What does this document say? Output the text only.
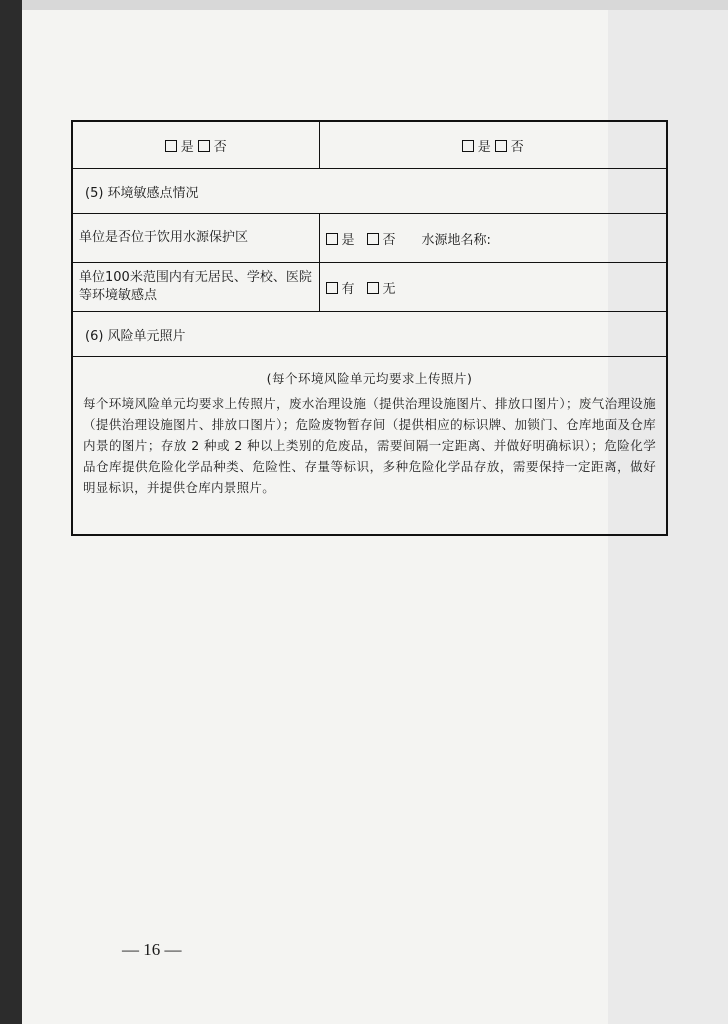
是 否	是 否
(5) 环境敏感点情况	
单位是否位于饮用水源保护区	是 否 水源地名称:
单位100米范围内有无居民、学校、医院等环境敏感点	有 无
(6) 风险单元照片	

(每个环境风险单元均要求上传照片)
每个环境风险单元均要求上传照片，废水治理设施（提供治理设施图片、排放口图片）；废气治理设施（提供治理设施图片、排放口图片）；危险废物暂存间（提供相应的标识牌、加锁门、仓库地面及仓库内景的图片；存放 2 种或 2 种以上类别的危废品，需要间隔一定距离、并做好明确标识）；危险化学品仓库提供危险化学品种类、危险性、存量等标识，多种危险化学品存放，需要保持一定距离，做好明显标识，并提供仓库内景照片。	
— 16 —
